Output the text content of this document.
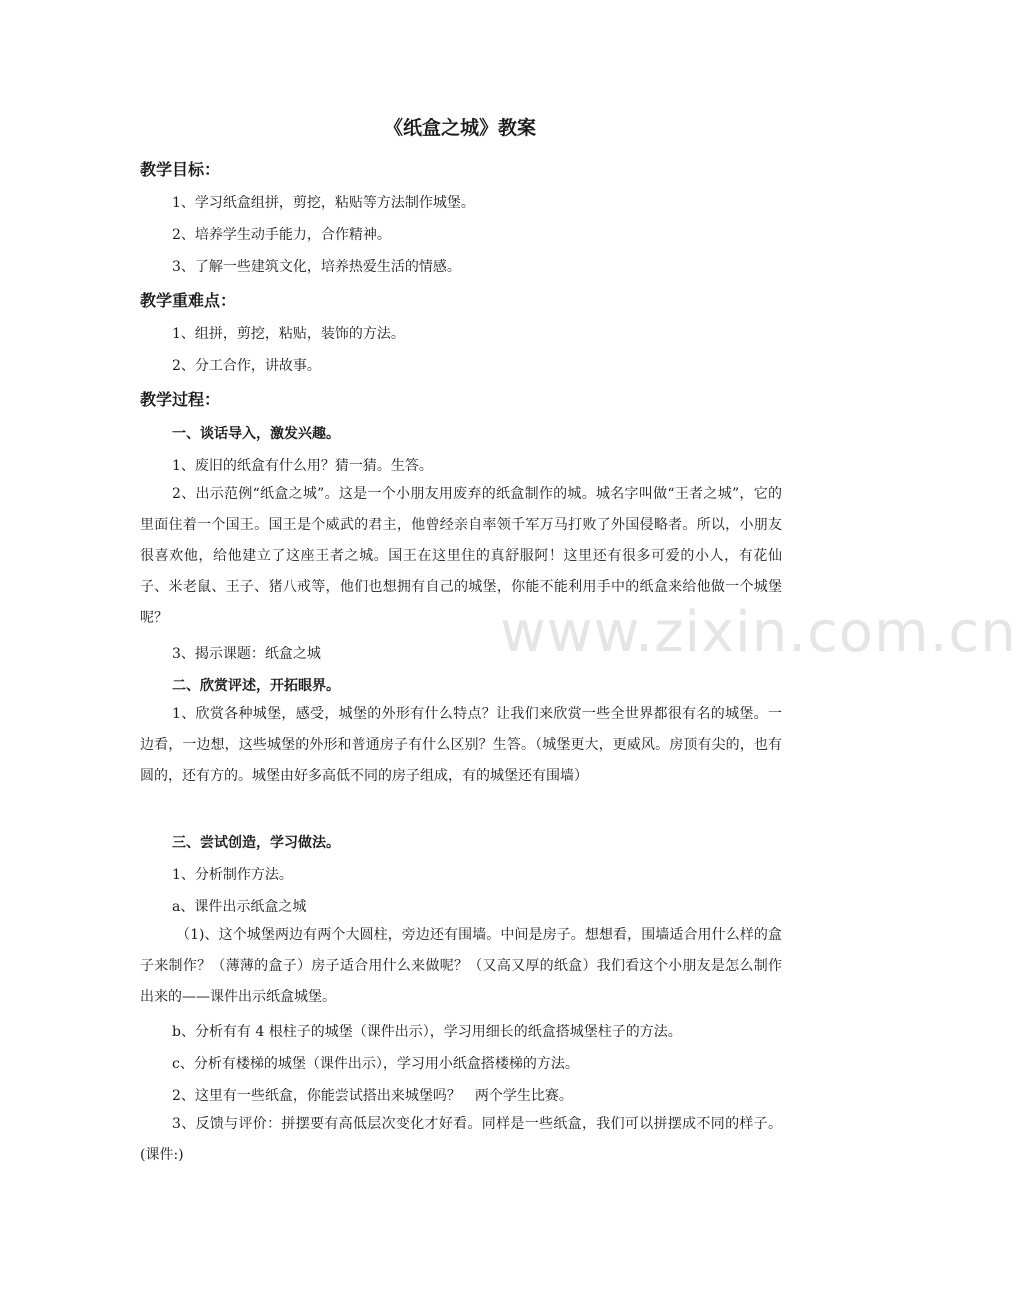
《纸盒之城》教案
教学目标：
1、学习纸盒组拼，剪挖，粘贴等方法制作城堡。
2、培养学生动手能力，合作精神。
3、了解一些建筑文化，培养热爱生活的情感。
教学重难点：
1、组拼，剪挖，粘贴，装饰的方法。
2、分工合作，讲故事。
教学过程：
一、谈话导入，激发兴趣。
1、废旧的纸盒有什么用？猜一猜。生答。
2、出示范例“纸盒之城”。这是一个小朋友用废弃的纸盒制作的城。城名字叫做“王者之城”，它的里面住着一个国王。国王是个威武的君主，他曾经亲自率领千军万马打败了外国侵略者。所以，小朋友很喜欢他，给他建立了这座王者之城。国王在这里住的真舒服阿！这里还有很多可爱的小人，有花仙子、米老鼠、王子、猪八戒等，他们也想拥有自己的城堡，你能不能利用手中的纸盒来给他做一个城堡呢？
3、揭示课题：纸盒之城
二、欣赏评述，开拓眼界。
1、欣赏各种城堡，感受，城堡的外形有什么特点？让我们来欣赏一些全世界都很有名的城堡。一边看，一边想，这些城堡的外形和普通房子有什么区别？生答。（城堡更大，更威风。房顶有尖的，也有圆的，还有方的。城堡由好多高低不同的房子组成，有的城堡还有围墙）
三、尝试创造，学习做法。
1、分析制作方法。
a、课件出示纸盒之城
（1)、这个城堡两边有两个大圆柱，旁边还有围墙。中间是房子。想想看，围墙适合用什么样的盒子来制作？（薄薄的盒子）房子适合用什么来做呢？（又高又厚的纸盒）我们看这个小朋友是怎么制作出来的——课件出示纸盒城堡。
b、分析有有 4 根柱子的城堡（课件出示），学习用细长的纸盒搭城堡柱子的方法。
c、分析有楼梯的城堡（课件出示），学习用小纸盒搭楼梯的方法。
2、这里有一些纸盒，你能尝试搭出来城堡吗？　两个学生比赛。
3、反馈与评价：拼摆要有高低层次变化才好看。同样是一些纸盒，我们可以拼摆成不同的样子。(课件:)
www.zixin.com.cn
